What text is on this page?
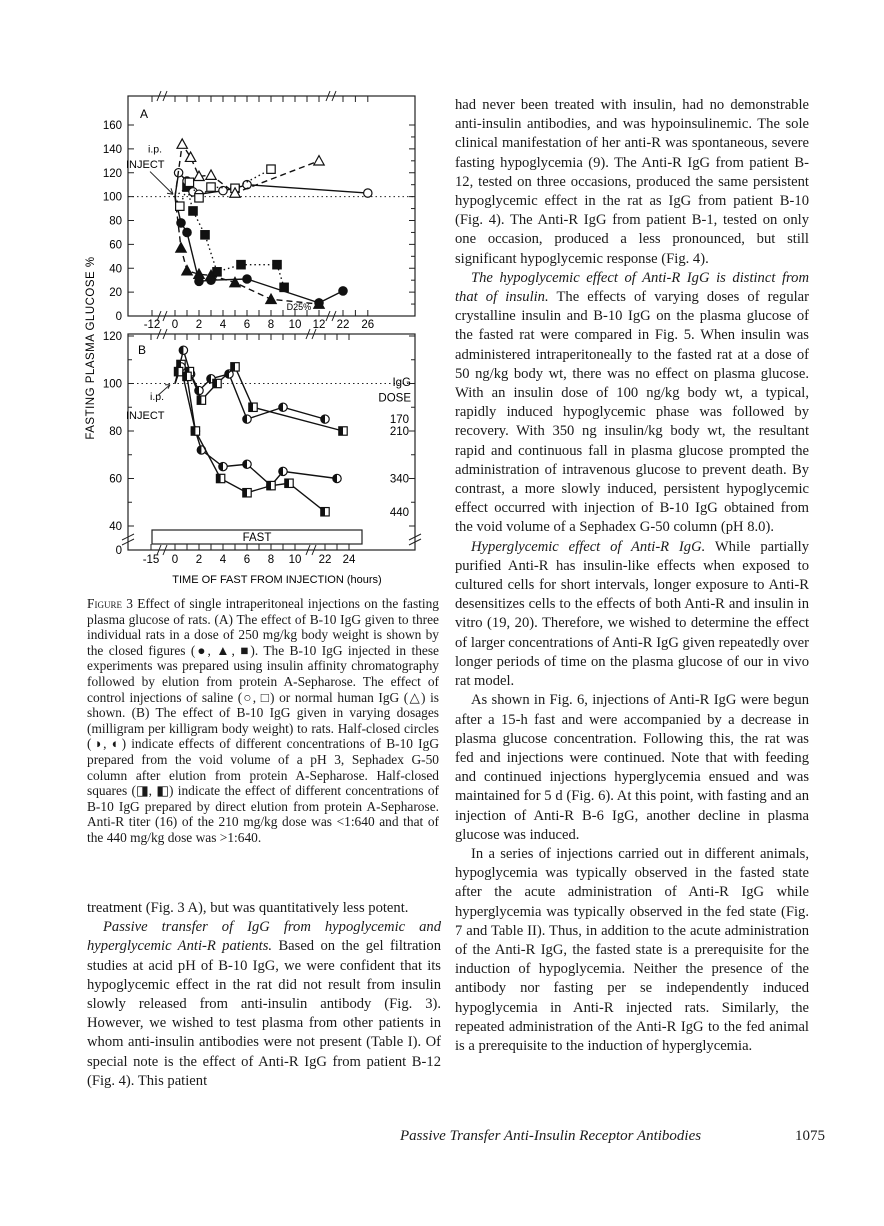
FASTING PLASMA GLUCOSE % 0
20
40
60
80
100
120
140
160
-12 0 2 4 6 8 10 12 22 26
A
i.p.
INJECT
D25%
120
100
80
60
40
0
-15 0 2 4 6 8 10 22 24
B
i.p.
INJECT
IgG
DOSE
FAST
170
210
340
440
TIME OF FAST FROM INJECTION (hours)
Figure 3 Effect of single intraperitoneal injections on the fasting plasma glucose of rats. (A) The effect of B-10 IgG given to three individual rats in a dose of 250 mg/kg body weight is shown by the closed figures (●, ▲, ■). The B-10 IgG injected in these experiments was prepared using insulin affinity chromatography followed by elution from protein A-Sepharose. The effect of control injections of saline (○, □) or normal human IgG (△) is shown. (B) The effect of B-10 IgG given in varying dosages (milligram per killigram body weight) to rats. Half-closed circles (◑, ◐) indicate effects of different concentrations of B-10 IgG prepared from the void volume of a pH 3, Sephadex G-50 column after elution from protein A-Sepharose. Half-closed squares (◨, ◧) indicate the effect of different concentrations of B-10 IgG prepared by direct elution from protein A-Sepharose. Anti-R titer (16) of the 210 mg/kg dose was <1:640 and that of the 440 mg/kg dose was >1:640.

treatment (Fig. 3 A), but was quantitatively less potent.

Passive transfer of IgG from hypoglycemic and hyperglycemic Anti-R patients. Based on the gel filtration studies at acid pH of B-10 IgG, we were confident that its hypoglycemic effect in the rat did not result from insulin slowly released from anti-insulin antibody (Fig. 3). However, we wished to test plasma from other patients in whom anti-insulin antibodies were not present (Table I). Of special note is the effect of Anti-R IgG from patient B-12 (Fig. 4). This patient

had never been treated with insulin, had no demonstrable anti-insulin antibodies, and was hypoinsulinemic. The sole clinical manifestation of her anti-R was spontaneous, severe fasting hypoglycemia (9). The Anti-R IgG from patient B-12, tested on three occasions, produced the same persistent hypoglycemic effect in the rat as IgG from patient B-10 (Fig. 4). The Anti-R IgG from patient B-1, tested on only one occasion, produced a less pronounced, but still significant hypoglycemic response (Fig. 4).

The hypoglycemic effect of Anti-R IgG is distinct from that of insulin. The effects of varying doses of regular crystalline insulin and B-10 IgG on the plasma glucose of the fasted rat were compared in Fig. 5. When insulin was administered intraperitoneally to the fasted rat at a dose of 50 ng/kg body wt, there was no effect on plasma glucose. With an insulin dose of 100 ng/kg body wt, a typical, rapidly induced hypoglycemic phase was followed by recovery. With 350 ng insulin/kg body wt, the resultant rapid and continuous fall in plasma glucose prompted the administration of intravenous glucose to prevent death. By contrast, a more slowly induced, persistent hypoglycemic effect occurred with injection of B-10 IgG obtained from the void volume of a Sephadex G-50 column (pH 8.0).

Hyperglycemic effect of Anti-R IgG. While partially purified Anti-R has insulin-like effects when exposed to cultured cells for short intervals, longer exposure to Anti-R desensitizes cells to the effects of both Anti-R and insulin in vitro (19, 20). Therefore, we wished to determine the effect of larger concentrations of Anti-R IgG given repeatedly over longer periods of time on the plasma glucose of our in vivo rat model.

As shown in Fig. 6, injections of Anti-R IgG were begun after a 15-h fast and were accompanied by a decrease in plasma glucose concentration. Following this, the rat was fed and injections were continued. Note that with feeding and continued injections hyperglycemia ensued and was maintained for 5 d (Fig. 6). At this point, with fasting and an injection of Anti-R B-6 IgG, another decline in plasma glucose was induced.

In a series of injections carried out in different animals, hypoglycemia was typically observed in the fasted state after the acute administration of Anti-R IgG while hyperglycemia was typically observed in the fed state (Fig. 7 and Table II). Thus, in addition to the acute administration of the Anti-R IgG, the fasted state is a prerequisite for the induction of hypoglycemia. Neither the presence of the antibody nor fasting per se independently induced hypoglycemia in Anti-R injected rats. Similarly, the repeated administration of the Anti-R IgG to the fed animal is a prerequisite to the induction of hyperglycemia.

Passive Transfer Anti-Insulin Receptor Antibodies	1075
